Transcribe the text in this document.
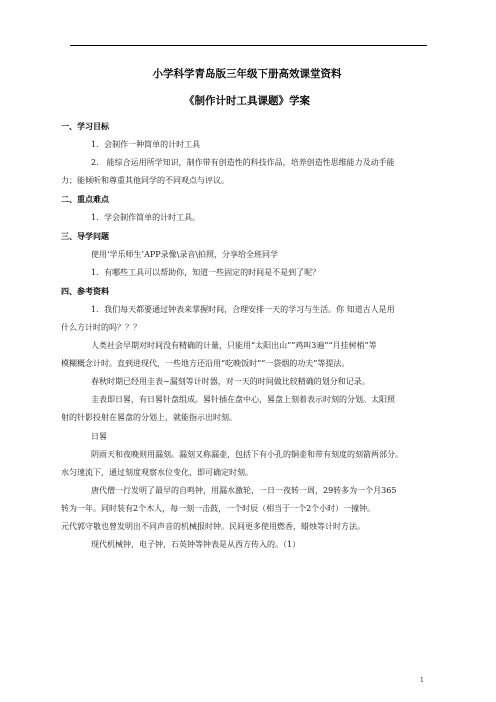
小学科学青岛版三年级下册高效课堂资料
《制作计时工具课题》学案
一、学习目标
1．会制作一种简单的计时工具
2.　能综合运用所学知识，制作带有创造性的科技作品，培养创造性思维能力及动手能
力；能倾听和尊重其他同学的不同观点与评议。
二、重点难点
1．学会制作简单的计时工具。
三、导学问题
使用‘学乐师生’APP录像\录音\拍照，分享给全班同学
1．有哪些工具可以帮助你，知道一些固定的时间是不是到了呢？
四、参考资料
1．我们每天都要通过钟表来掌握时间，合理安排一天的学习与生活。你 知道古人是用
什么方计时的吗？？？
人类社会早期对时间没有精确的计量，只能用“太阳出山”“鸡叫3遍”“月挂树梢”等
模糊概念计时。直到进现代，一些地方还沿用“吃晚饭时”“一袋烟的功夫”等提法。
春秋时期已经用圭表~漏刻等计时器，对一天的时间做比较精确的划分和记录。
圭表即日晷，有日晷针盘组成。晷针插在盘中心，晷盘上刻着表示时刻的分划。太阳照
射的针影投射在晷盘的分划上，就能指示出时刻。
日晷
阴雨天和夜晚则用漏刻。漏刻又称漏壶，包括下有小孔的铜壶和带有刻度的刻箭两部分。
水匀速流下，通过刻度观察水位变化，即可确定时刻。
唐代僧一行发明了最早的自鸣钟，用漏水激轮，一日一夜转一周，29转多为一个月365
转为一年。同时装有2个木人，每一刻一击鼓，一个时辰（相当于一个2个小时）一撞钟。
元代郭守敬也曾发明出不同声音的机械报时钟。民间更多使用燃香，蜡烛等计时方法。
现代机械钟，电子钟，石英钟等钟表是从西方传入的。（1）
1
